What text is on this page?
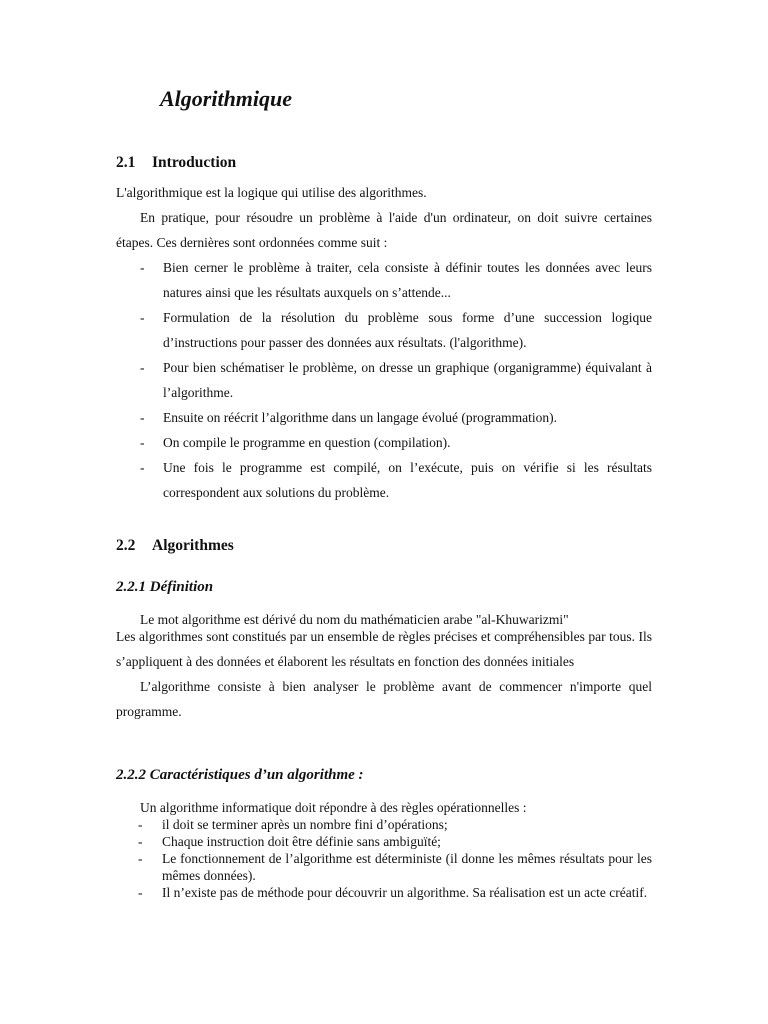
Algorithmique
2.1 Introduction

L'algorithmique est la logique qui utilise des algorithmes.

En pratique, pour résoudre un problème à l'aide d'un ordinateur, on doit suivre certaines étapes. Ces dernières sont ordonnées comme suit :

- Bien cerner le problème à traiter, cela consiste à définir toutes les données avec leurs natures ainsi que les résultats auxquels on s’attende...
- Formulation de la résolution du problème sous forme d’une succession logique d’instructions pour passer des données aux résultats. (l'algorithme).
- Pour bien schématiser le problème, on dresse un graphique (organigramme) équivalant à l’algorithme.
- Ensuite on réécrit l’algorithme dans un langage évolué (programmation).
- On compile le programme en question (compilation).
- Une fois le programme est compilé, on l’exécute, puis on vérifie si les résultats correspondent aux solutions du problème.
2.2 Algorithmes
2.2.1 Définition

Le mot algorithme est dérivé du nom du mathématicien arabe "al-Khuwarizmi"

Les algorithmes sont constitués par un ensemble de règles précises et compréhensibles par tous. Ils s’appliquent à des données et élaborent les résultats en fonction des données initiales

L’algorithme consiste à bien analyser le problème avant de commencer n'importe quel programme.

2.2.2 Caractéristiques d’un algorithme :

Un algorithme informatique doit répondre à des règles opérationnelles :

- il doit se terminer après un nombre fini d’opérations;
- Chaque instruction doit être définie sans ambiguïté;
- Le fonctionnement de l’algorithme est déterministe (il donne les mêmes résultats pour les mêmes données).
- Il n’existe pas de méthode pour découvrir un algorithme. Sa réalisation est un acte créatif.
